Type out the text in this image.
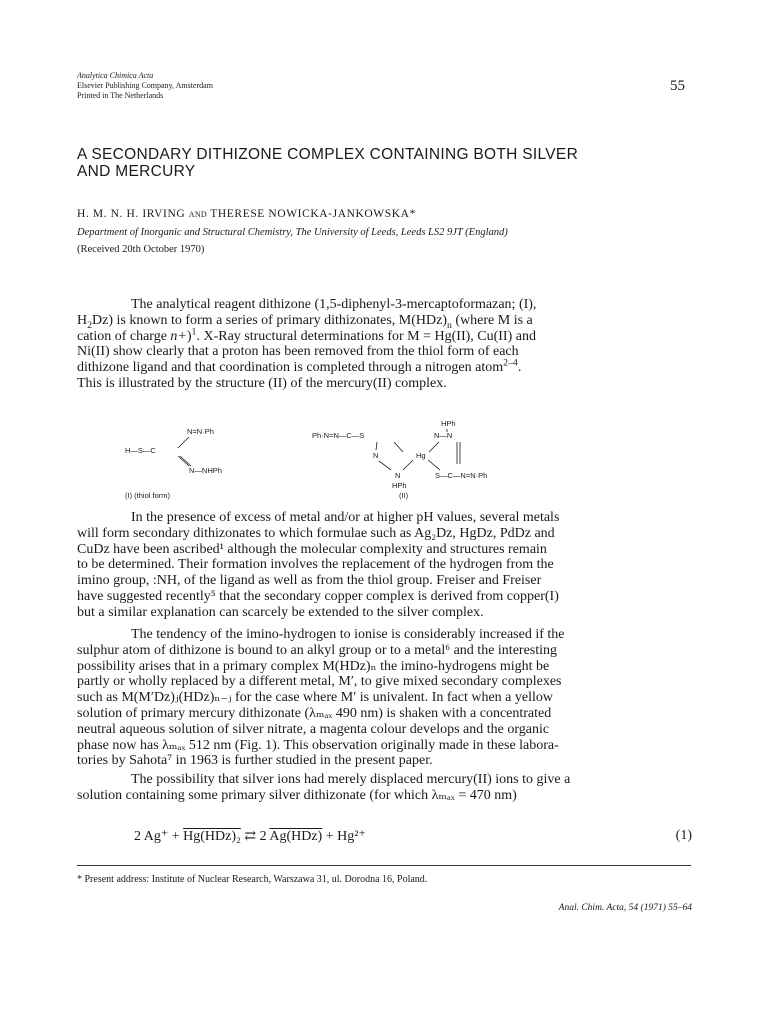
Analytica Chimica Acta
Elsevier Publishing Company, Amsterdam
Printed in The Netherlands
55
A SECONDARY DITHIZONE COMPLEX CONTAINING BOTH SILVER
AND MERCURY
H. M. N. H. IRVING AND THERESE NOWICKA-JANKOWSKA*
Department of Inorganic and Structural Chemistry, The University of Leeds, Leeds LS2 9JT (England)
(Received 20th October 1970)
The analytical reagent dithizone (1,5-diphenyl-3-mercaptoformazan; (I),
$H_2Dz$) is known to form a series of primary dithizonates, $M(HDz)_n$ (where M is a
cation of charge n+)$^1$. X-Ray structural determinations for M = Hg(II), Cu(II) and
Ni(II) show clearly that a proton has been removed from the thiol form of each
dithizone ligand and that coordination is completed through a nitrogen atom$^{2-4}$.
This is illustrated by the structure (II) of the mercury(II) complex.
N=N·Ph
H—S—C
N—NHPh
(I) (thiol form)
HPh
Ph·N=N—C—S	N—N
N	Hg
N	S—C—N=N·Ph
HPh
(II)
In the presence of excess of metal and/or at higher pH values, several metals
will form secondary dithizonates to which formulae such as Ag₂Dz, HgDz, PdDz and
CuDz have been ascribed¹ although the molecular complexity and structures remain
to be determined. Their formation involves the replacement of the hydrogen from the
imino group, :NH, of the ligand as well as from the thiol group. Freiser and Freiser
have suggested recently⁵ that the secondary copper complex is derived from copper(I)
but a similar explanation can scarcely be extended to the silver complex.
The tendency of the imino-hydrogen to ionise is considerably increased if the
sulphur atom of dithizone is bound to an alkyl group or to a metal⁶ and the interesting
possibility arises that in a primary complex M(HDz)ₙ the imino-hydrogens might be
partly or wholly replaced by a different metal, M′, to give mixed secondary complexes
such as M(M′Dz)ⱼ(HDz)ₙ₋ⱼ for the case where M′ is univalent. In fact when a yellow
solution of primary mercury dithizonate (λₘₐₓ 490 nm) is shaken with a concentrated
neutral aqueous solution of silver nitrate, a magenta colour develops and the organic
phase now has λₘₐₓ 512 nm (Fig. 1). This observation originally made in these labora-
tories by Sahota⁷ in 1963 is further studied in the present paper.
The possibility that silver ions had merely displaced mercury(II) ions to give a
solution containing some primary silver dithizonate (for which λₘₐₓ = 470 nm)
2 Ag⁺ + Hg(HDz)₂ ⇄ 2 Ag(HDz) + Hg²⁺	(1)
* Present address: Institute of Nuclear Research, Warszawa 31, ul. Dorodna 16, Poland.
Anal. Chim. Acta, 54 (1971) 55–64
